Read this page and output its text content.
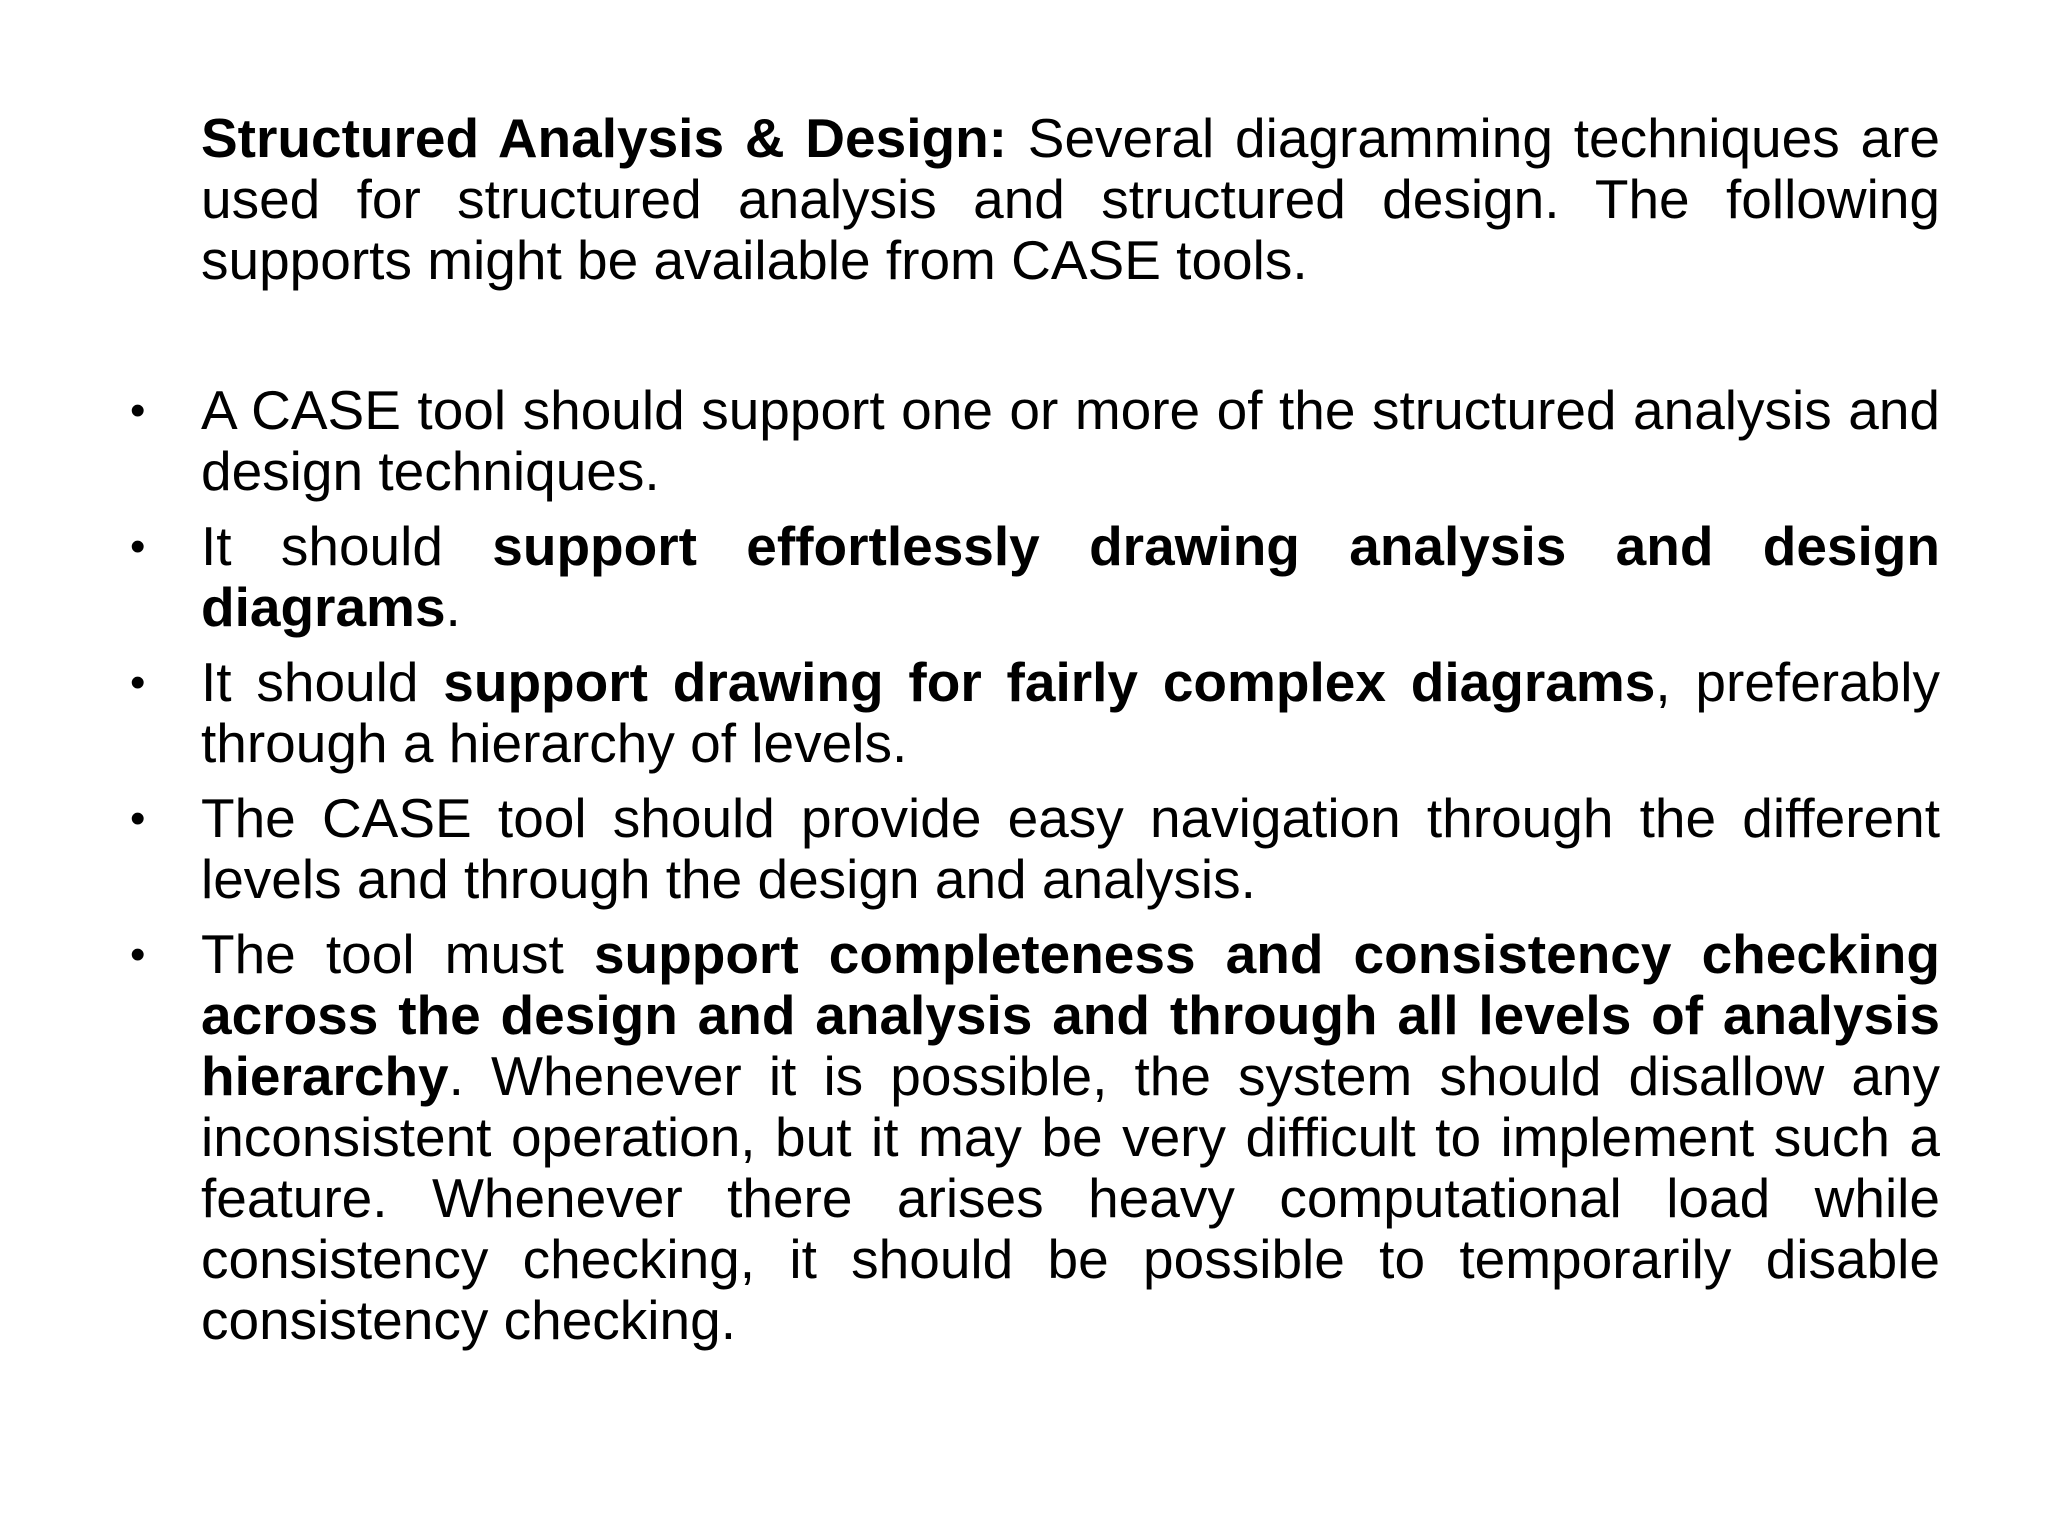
Structured Analysis & Design: Several diagramming techniques are used for structured analysis and structured design. The following supports might be available from CASE tools.
•	A CASE tool should support one or more of the structured analysis and design techniques.
•	It should support effortlessly drawing analysis and design diagrams.
•	It should support drawing for fairly complex diagrams, preferably through a hierarchy of levels.
•	The CASE tool should provide easy navigation through the different levels and through the design and analysis.
•	The tool must support completeness and consistency checking across the design and analysis and through all levels of analysis hierarchy. Whenever it is possible, the system should disallow any inconsistent operation, but it may be very difficult to implement such a feature. Whenever there arises heavy computational load while consistency checking, it should be possible to temporarily disable consistency checking.
